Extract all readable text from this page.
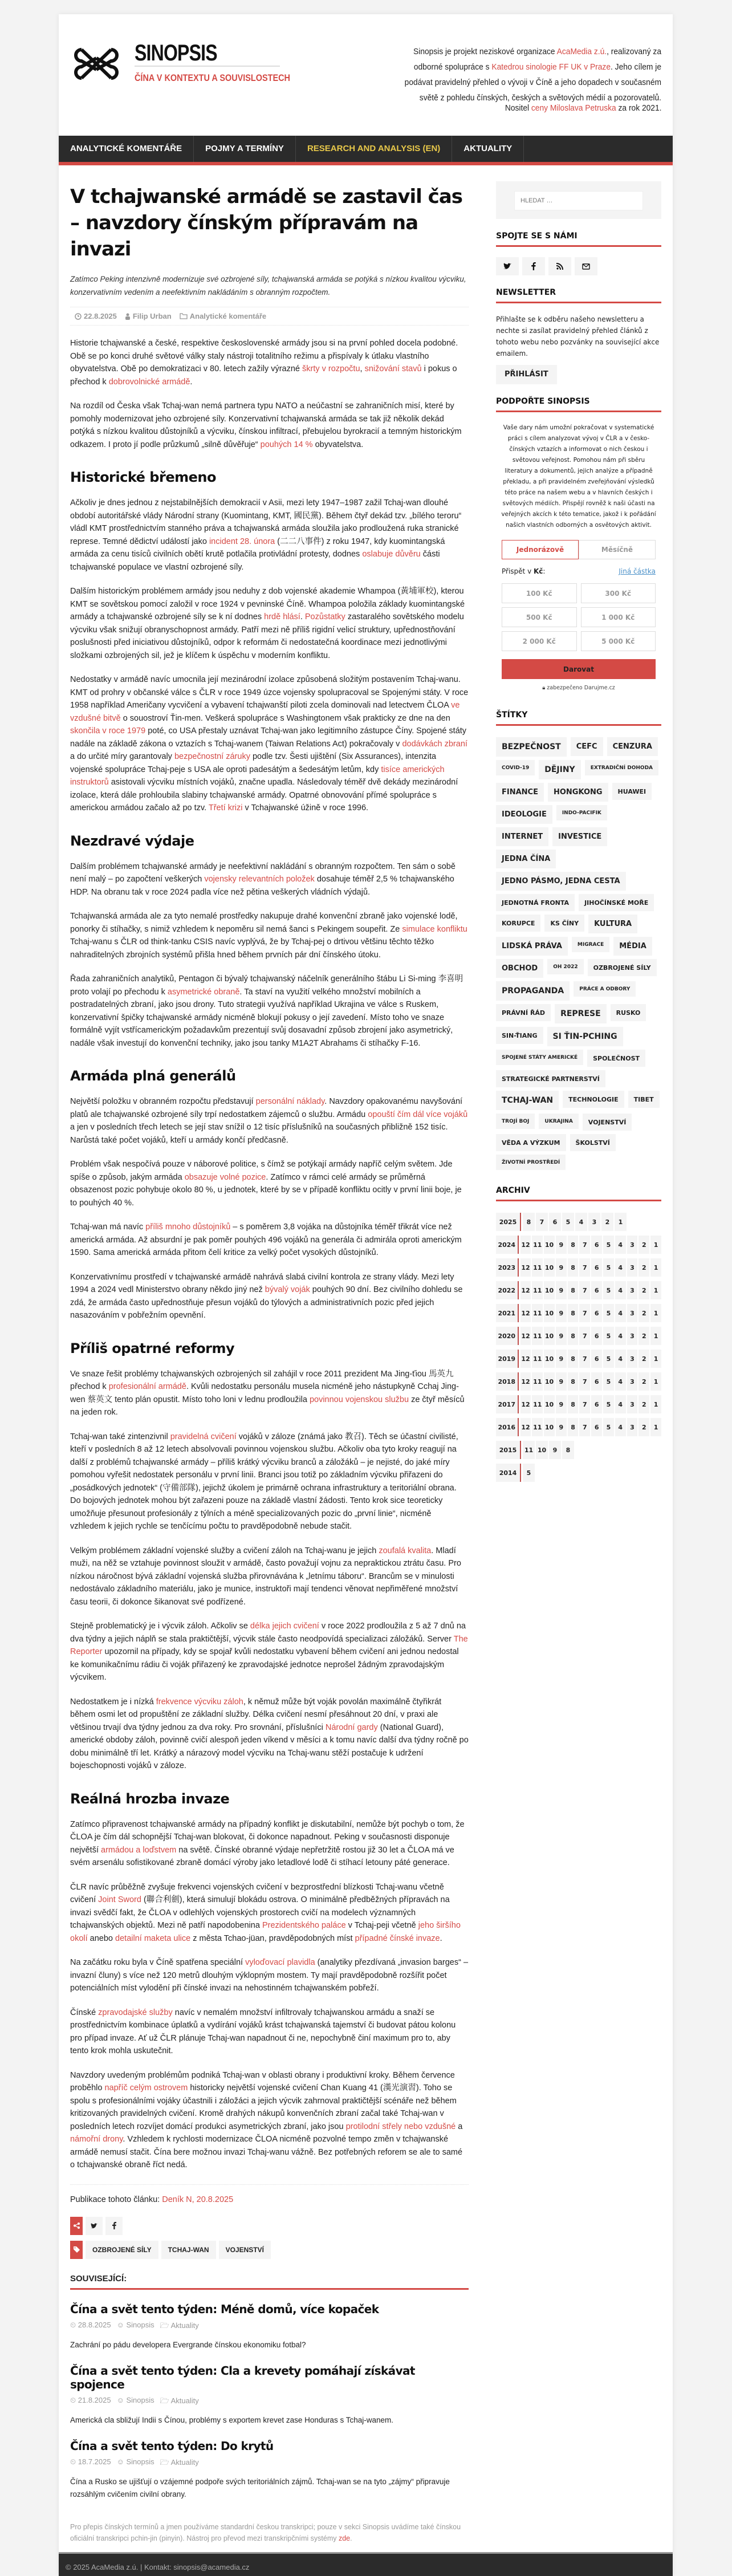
SINOPSIS
ČÍNA V KONTEXTU A SOUVISLOSTECH
Sinopsis je projekt neziskové organizace AcaMedia z.ú., realizovaný za odborné spolupráce s Katedrou sinologie FF UK v Praze. Jeho cílem je podávat pravidelný přehled o vývoji v Číně a jeho dopadech v současném světě z pohledu čínských, českých a světových médií a pozorovatelů.
Nositel ceny Miloslava Petruska za rok 2021.
ANALYTICKÉ KOMENTÁŘE	POJMY A TERMÍNY	RESEARCH AND ANALYSIS (EN)	AKTUALITY
V tchajwanské armádě se zastavil čas – navzdory čínským přípravám na invazi

Zatímco Peking intenzivně modernizuje své ozbrojené síly, tchajwanská armáda se potýká s nízkou kvalitou výcviku, konzervativním vedením a neefektivním nakládáním s obranným rozpočtem.

22.8.2025 Filip Urban Analytické komentáře

Historie tchajwanské a české, respektive československé armády jsou si na první pohled docela podobné. Obě se po konci druhé světové války staly nástroji totalitního režimu a přispívaly k útlaku vlastního obyvatelstva. Obě po demokratizaci v 80. letech zažily výrazné škrty v rozpočtu, snižování stavů i pokus o přechod k dobrovolnické armádě.

Na rozdíl od Česka však Tchaj-wan nemá partnera typu NATO a neúčastní se zahraničních misí, které by pomohly modernizovat jeho ozbrojené síly. Konzervativní tchajwanská armáda se tak již několik dekád potýká s nízkou kvalitou důstojníků a výcviku, čínskou infiltrací, přebujelou byrokracií a temným historickým odkazem. I proto jí podle průzkumů „silně důvěřuje“ pouhých 14 % obyvatelstva.

Historické břemeno

Ačkoliv je dnes jednou z nejstabilnějších demokracií v Asii, mezi lety 1947–1987 zažil Tchaj-wan dlouhé období autoritářské vlády Národní strany (Kuomintang, KMT, 國民黨). Během čtyř dekád tzv. „bílého teroru“ vládl KMT prostřednictvím stanného práva a tchajwanská armáda sloužila jako prodloužená ruka stranické represe. Temné dědictví událostí jako incident 28. února (二二八事件) z roku 1947, kdy kuomintangská armáda za cenu tisíců civilních obětí krutě potlačila protivládní protesty, dodnes oslabuje důvěru části tchajwanské populace ve vlastní ozbrojené síly.

Dalším historickým problémem armády jsou neduhy z dob vojenské akademie Whampoa (黃埔軍校), kterou KMT se sovětskou pomocí založil v roce 1924 v pevninské Číně. Whampoa položila základy kuomintangské armády a tchajwanské ozbrojené síly se k ní dodnes hrdě hlásí. Pozůstatky zastaralého sovětského modelu výcviku však snižují obranyschopnost armády. Patří mezi ně příliš rigidní velicí struktury, upřednostňování poslušnosti před iniciativou důstojníků, odpor k reformám či nedostatečná koordinace mezi jednotlivými složkami ozbrojených sil, jež je klíčem k úspěchu v moderním konfliktu.

Nedostatky v armádě navíc umocnila její mezinárodní izolace způsobená složitým postavením Tchaj-wanu. KMT od prohry v občanské válce s ČLR v roce 1949 úzce vojensky spolupracoval se Spojenými státy. V roce 1958 například Američany vycvičení a vybavení tchajwanští piloti zcela dominovali nad letectvem ČLOA ve vzdušné bitvě o souostroví Ťin-men. Veškerá spolupráce s Washingtonem však prakticky ze dne na den skončila v roce 1979 poté, co USA přestaly uznávat Tchaj-wan jako legitimního zástupce Číny. Spojené státy nadále na základě zákona o vztazích s Tchaj-wanem (Taiwan Relations Act) pokračovaly v dodávkách zbraní a do určité míry garantovaly bezpečnostní záruky podle tzv. Šesti ujištění (Six Assurances), intenzita vojenské spolupráce Tchaj-peje s USA ale oproti padesátým a šedesátým letům, kdy tisíce amerických instruktorů asistovali výcviku místních vojáků, značne upadla. Následovaly téměř dvě dekády mezinárodní izolace, která dále prohloubila slabiny tchajwanské armády. Opatrné obnovování přímé spolupráce s americkou armádou začalo až po tzv. Třetí krizi v Tchajwanské úžině v roce 1996.

Nezdravé výdaje

Dalším problémem tchajwanské armády je neefektivní nakládání s obranným rozpočtem. Ten sám o sobě není malý – po započtení veškerých vojensky relevantních položek dosahuje téměř 2,5 % tchajwanského HDP. Na obranu tak v roce 2024 padla více než pětina veškerých vládních výdajů.

Tchajwanská armáda ale za tyto nemalé prostředky nakupuje drahé konvenční zbraně jako vojenské lodě, ponorky či stíhačky, s nimiž vzhledem k nepoměru sil nemá šanci s Pekingem soupeřit. Ze simulace konfliktu Tchaj-wanu s ČLR od think-tanku CSIS navíc vyplývá, že by Tchaj-pej o drtivou většinu těchto těžko nahraditelných zbrojních systémů přišla hned během prvních pár dní čínského útoku.

Řada zahraničních analytiků, Pentagon či bývalý tchajwanský náčelník generálního štábu Li Si-ming 李喜明 proto volají po přechodu k asymetrické obraně. Ta staví na využití velkého množství mobilních a postradatelných zbraní, jako jsou drony. Tuto strategii využívá například Ukrajina ve válce s Ruskem, konzervativní špičky tchajwanské armády nicméně blokují pokusy o její zavedení. Místo toho ve snaze formálně vyjít vstřícamerickým požadavkům prezentují svůj dosavadní způsob zbrojení jako asymetrický, nadále však investují do konvenční techniky, jako jsou tanky M1A2T Abrahams či stíhačky F-16.

Armáda plná generálů

Největší položku v obranném rozpočtu představují personální náklady. Navzdory opakovanému navyšování platů ale tchajwanské ozbrojené síly trpí nedostatkem zájemců o službu. Armádu opouští čím dál více vojáků a jen v posledních třech letech se její stav snížil o 12 tisíc příslušníků na současných přibližně 152 tisíc. Narůstá také počet vojáků, kteří u armády končí předčasně.

Problém však nespočívá pouze v náborové politice, s čímž se potýkají armády napříč celým světem. Jde spíše o způsob, jakým armáda obsazuje volné pozice. Zatímco v rámci celé armády se průměrná obsazenost pozic pohybuje okolo 80 %, u jednotek, které by se v případě konfliktu ocitly v první linii boje, je to pouhých 40 %.

Tchaj-wan má navíc příliš mnoho důstojníků – s poměrem 3,8 vojáka na důstojníka téměř třikrát více než americká armáda. Až absurdní je pak poměr pouhých 496 vojáků na generála či admirála oproti americkým 1590. Sama americká armáda přitom čelí kritice za velký počet vysokých důstojníků.

Konzervativnímu prostředí v tchajwanské armádě nahrává slabá civilní kontrola ze strany vlády. Mezi lety 1994 a 2024 vedl Ministerstvo obrany někdo jiný než bývalý voják pouhých 90 dní. Bez civilního dohledu se zdá, že armáda často upřednostňuje přesun vojáků do týlových a administrativních pozic před jejich nasazováním v pobřežním opevnění.

Příliš opatrné reformy

Ve snaze řešit problémy tchajwanských ozbrojených sil zahájil v roce 2011 prezident Ma Jing-ťiou 馬英九 přechod k profesionální armádě. Kvůli nedostatku personálu musela nicméně jeho nástupkyně Cchaj Jing-wen 蔡英文 tento plán opustit. Místo toho loni v lednu prodloužila povinnou vojenskou službu ze čtyř měsíců na jeden rok.

Tchaj-wan také zintenzivnil pravidelná cvičení vojáků v záloze (známá jako 教召). Těch se účastní civilisté, kteří v posledních 8 až 12 letech absolvovali povinnou vojenskou službu. Ačkoliv oba tyto kroky reagují na další z problémů tchajwanské armády – příliš krátký výcviku branců a záložáků – je nejisté, do jaké míry pomohou vyřešit nedostatek personálu v první linii. Branci jsou totiž po základním výcviku přiřazeni do „posádkových jednotek“ (守備部隊), jejichž úkolem je primárně ochrana infrastruktury a teritoriální obrana. Do bojových jednotek mohou být zařazeni pouze na základě vlastní žádosti. Tento krok sice teoreticky umožňuje přesunout profesionály z týlních a méně specializovaných pozic do „první linie“, nicméně vzhledem k jejich rychle se tenčícímu počtu to pravděpodobně nebude stačit.

Velkým problémem základní vojenské služby a cvičení záloh na Tchaj-wanu je jejich zoufalá kvalita. Mladí muži, na něž se vztahuje povinnost sloužit v armádě, často považují vojnu za nepraktickou ztrátu času. Pro nízkou náročnost bývá základní vojenská služba přirovnávána k „letnímu táboru“. Brancům se v minulosti nedostávalo základního materiálu, jako je munice, instruktoři mají tendenci věnovat nepřiměřené množství času teorii, či dokonce šikanovat své podřízené.

Stejně problematický je i výcvik záloh. Ačkoliv se délka jejich cvičení v roce 2022 prodloužila z 5 až 7 dnů na dva týdny a jejich náplň se stala praktičtější, výcvik stále často neodpovídá specializaci záložáků. Server The Reporter upozornil na případy, kdy se spojař kvůli nedostatku vybavení během cvičení ani jednou nedostal ke komunikačnímu rádiu či voják přiřazený ke zpravodajské jednotce neprošel žádným zpravodajským výcvikem.

Nedostatkem je i nízká frekvence výcviku záloh, k němuž může být voják povolán maximálně čtyřikrát během osmi let od propuštění ze základní služby. Délka cvičení nesmí přesáhnout 20 dní, v praxi ale většinou trvají dva týdny jednou za dva roky. Pro srovnání, příslušníci Národní gardy (National Guard), americké obdoby záloh, povinně cvičí alespoň jeden víkend v měsíci a k tomu navíc další dva týdny ročně po dobu minimálně tří let. Krátký a nárazový model výcviku na Tchaj-wanu stěží postačuje k udržení bojeschopnosti vojáků v záloze.

Reálná hrozba invaze

Zatímco připravenost tchajwanské armády na případný konflikt je diskutabilní, nemůže být pochyb o tom, že ČLOA je čím dál schopnější Tchaj-wan blokovat, či dokonce napadnout. Peking v současnosti disponuje největší armádou a loďstvem na světě. Čínské obranné výdaje nepřetržitě rostou již 30 let a ČLOA má ve svém arsenálu sofistikované zbraně domácí výroby jako letadlové lodě či stíhací letouny páté generace.

ČLR navíc průběžně zvyšuje frekvenci vojenských cvičení v bezprostřední blízkosti Tchaj-wanu včetně cvičení Joint Sword (聯合利劍), která simulují blokádu ostrova. O minimálně předběžných přípravách na invazi svědčí fakt, že ČLOA v odlehlých vojenských prostorech cvičí na modelech významných tchajwanských objektů. Mezi ně patří napodobenina Prezidentského paláce v Tchaj-peji včetně jeho širšího okolí anebo detailní maketa ulice z města Tchao-jüan, pravděpodobných míst případné čínské invaze.

Na začátku roku byla v Číně spatřena speciální vyloďovací plavidla (analytiky přezdívaná „invasion barges“ – invazní čluny) s více než 120 metrů dlouhým výklopným mostem. Ty mají pravděpodobně rozšířit počet potenciálních míst vylodění při čínské invazi na nehostinném tchajwanském pobřeží.

Čínské zpravodajské služby navíc v nemalém množství infiltrovaly tchajwanskou armádu a snaží se prostřednictvím kombinace úplatků a vydírání vojáků krást tchajwanská tajemství či budovat pátou kolonu pro případ invaze. Ať už ČLR plánuje Tchaj-wan napadnout či ne, nepochybně činí maximum pro to, aby tento krok mohla uskutečnit.

Navzdory uvedeným problémům podniká Tchaj-wan v oblasti obrany i produktivní kroky. Během července proběhlo napříč celým ostrovem historicky největší vojenské cvičení Chan Kuang 41 (漢光演習). Toho se spolu s profesionálními vojáky účastnili i záložáci a jejich výcvik zahrnoval praktičtější scénáře než během kritizovaných pravidelných cvičení. Kromě drahých nákupů konvenčních zbraní začal také Tchaj-wan v posledních letech rozvíjet domácí produkci asymetrických zbraní, jako jsou protilodní střely nebo vzdušné a námořní drony. Vzhledem k rychlosti modernizace ČLOA nicméně pozvolné tempo změn v tchajwanské armádě nemusí stačit. Čína bere možnou invazi Tchaj-wanu vážně. Bez potřebných reforem se ale to samé o tchajwanské obraně říct nedá.

Publikace tohoto článku: Deník N, 20.8.2025
OZBROJENÉ SÍLY	TCHAJ-WAN	VOJENSTVÍ
SOUVISEJÍCÍ:
Čína a svět tento týden: Méně domů, více kopaček
⏲ 28.8.2025 ☺ Sinopsis 🗁︎ Aktuality

Zachrání po pádu developera Evergrande čínskou ekonomiku fotbal?

Čína a svět tento týden: Cla a krevety pomáhají získávat spojence
⏲ 21.8.2025 ☺ Sinopsis 🗁︎ Aktuality

Americká cla sbližují Indii s Čínou, problémy s exportem krevet zase Honduras s Tchaj-wanem.

Čína a svět tento týden: Do krytů
⏲ 18.7.2025 ☺ Sinopsis 🗁︎ Aktuality

Čína a Rusko se ujišťují o vzájemné podpoře svých teritoriálních zájmů. Tchaj-wan se na tyto „zájmy“ připravuje rozsáhlým cvičením civilní obrany.

Pro přepis čínských termínů a jmen používáme standardní českou transkripci; pouze v sekci Sinopsis uvádíme také čínskou oficiální transkripci pchin-jin (pinyin). Nástroj pro převod mezi transkripčními systémy zde.
HLEDAT …
SPOJTE SE S NÁMI
NEWSLETTER

Přihlašte se k odběru našeho newsletteru a nechte si zasílat pravidelný přehled článků z tohoto webu nebo pozvánky na související akce emailem.

PŘIHLÁSIT
PODPOŘTE SINOPSIS

Vaše dary nám umožní pokračovat v systematické práci s cílem analyzovat vývoj v ČLR a v česko-čínských vztazích a informovat o nich českou i světovou veřejnost. Pomohou nám při sběru literatury a dokumentů, jejich analýze a případně překladu, a při pravidelném zveřejňování výsledků této práce na našem webu a v hlavních českých i světových médiích. Přispějí rovněž k naši účasti na veřejných akcích k této tematice, jakož i k pořádání našich vlastních odborných a osvětových aktivit.

Jednorázově	Měsíčně
Přispět v Kč:	Jiná částka
100 Kč	300 Kč
500 Kč	1 000 Kč
2 000 Kč	5 000 Kč
Darovat
🔒︎ zabezpečeno Darujme.cz
ŠTÍTKY
BEZPEČNOST	CEFC	CENZURA
COVID-19	DĚJINY	EXTRADIČNÍ DOHODA
FINANCE	HONGKONG	HUAWEI
IDEOLOGIE	INDO-PACIFIK
INTERNET	INVESTICE
JEDNA ČÍNA
JEDNO PÁSMO, JEDNA CESTA
JEDNOTNÁ FRONTA	JIHOČÍNSKÉ MOŘE
KORUPCE	KS ČÍNY	KULTURA
LIDSKÁ PRÁVA	MIGRACE	MÉDIA
OBCHOD	OH 2022	OZBROJENÉ SÍLY
PROPAGANDA	PRÁCE A ODBORY
PRÁVNÍ ŘÁD	REPRESE	RUSKO
SIN-ŤIANG	SI ŤIN-PCHING
SPOJENÉ STÁTY AMERICKÉ	SPOLEČNOST
STRATEGICKÉ PARTNERSTVÍ
TCHAJ-WAN	TECHNOLOGIE	TIBET
TROJÍ BOJ	UKRAJINA	VOJENSTVÍ
VĚDA A VÝZKUM	ŠKOLSTVÍ
ŽIVOTNÍ PROSTŘEDÍ
ARCHIV
2025	8	7	6	5	4	3	2	1
2024 12 11 10 9	8	7	6	5	4	3	2	1
2023 12 11 10 9	8	7	6	5	4	3	2	1
2022 12 11 10 9	8	7	6	5	4	3	2	1
2021 12 11 10 9	8	7	6	5	4	3	2	1
2020 12 11 10 9	8	7	6	5	4	3	2	1
2019 12 11 10 9	8	7	6	5	4	3	2	1
2018 12 11 10 9	8	7	6	5	4	3	2	1
2017 12 11 10 9	8	7	6	5	4	3	2	1
2016 12 11 10 9	8	7	6	5	4	3	2	1
2015	11 10	9	8
2014	5
© 2025 AcaMedia z.ú. | Kontakt: sinopsis@acamedia.cz
